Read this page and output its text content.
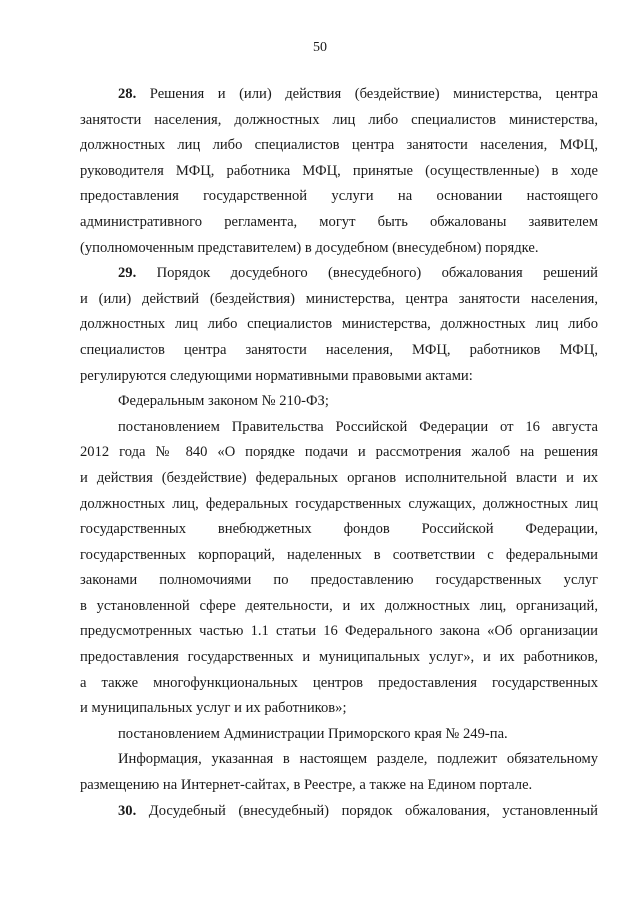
50
28. Решения и (или) действия (бездействие) министерства, центра
занятости населения, должностных лиц либо специалистов министерства,
должностных лиц либо специалистов центра занятости населения, МФЦ,
руководителя МФЦ, работника МФЦ, принятые (осуществленные) в ходе
предоставления государственной услуги на основании настоящего
административного регламента, могут быть обжалованы заявителем
(уполномоченным представителем) в досудебном (внесудебном) порядке.
29. Порядок досудебного (внесудебного) обжалования решений
и (или) действий (бездействия) министерства, центра занятости населения,
должностных лиц либо специалистов министерства, должностных лиц либо
специалистов центра занятости населения, МФЦ, работников МФЦ,
регулируются следующими нормативными правовыми актами:
Федеральным законом № 210-ФЗ;
постановлением Правительства Российской Федерации от 16 августа
2012 года № 840 «О порядке подачи и рассмотрения жалоб на решения
и действия (бездействие) федеральных органов исполнительной власти и их
должностных лиц, федеральных государственных служащих, должностных лиц
государственных внебюджетных фондов Российской Федерации,
государственных корпораций, наделенных в соответствии с федеральными
законами полномочиями по предоставлению государственных услуг
в установленной сфере деятельности, и их должностных лиц, организаций,
предусмотренных частью 1.1 статьи 16 Федерального закона «Об организации
предоставления государственных и муниципальных услуг», и их работников,
а также многофункциональных центров предоставления государственных
и муниципальных услуг и их работников»;
постановлением Администрации Приморского края № 249-па.
Информация, указанная в настоящем разделе, подлежит обязательному
размещению на Интернет-сайтах, в Реестре, а также на Едином портале.
30. Досудебный (внесудебный) порядок обжалования, установленный
